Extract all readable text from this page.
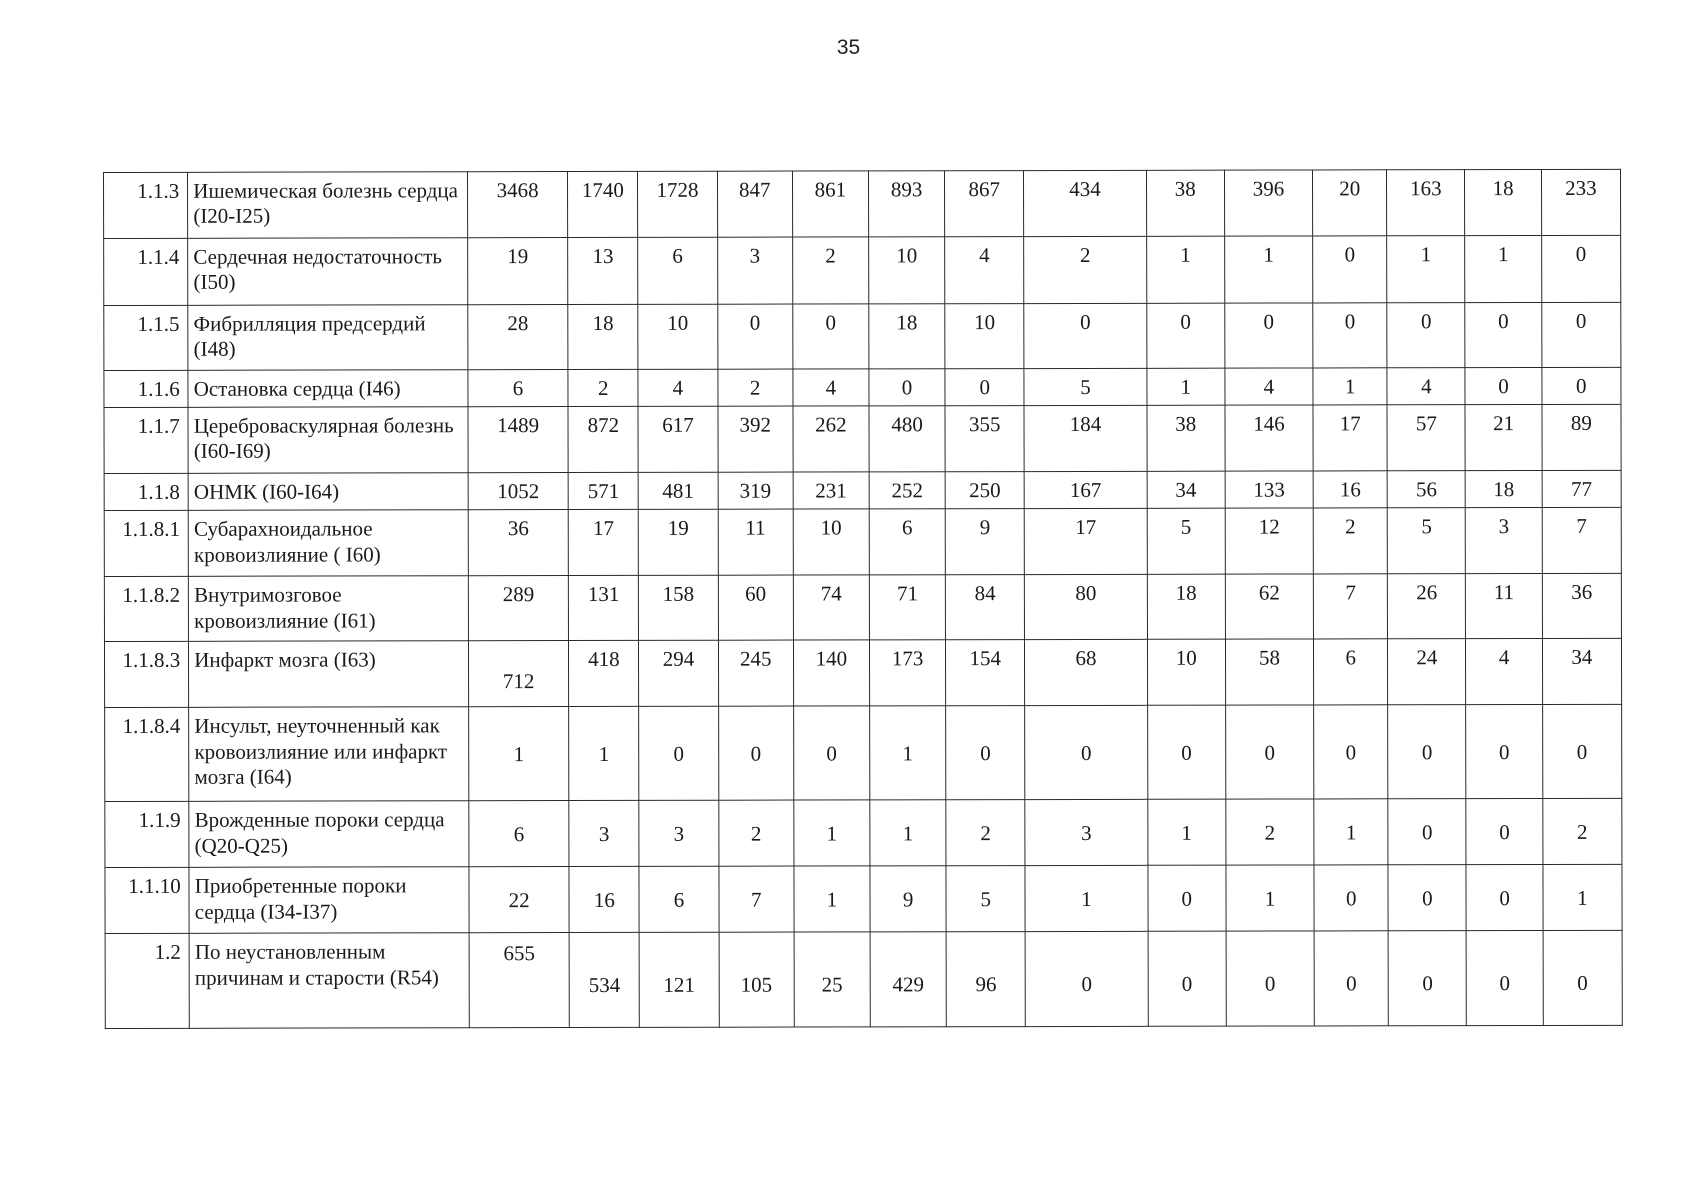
35
1.1.3	Ишемическая болезнь сердца (I20-I25)	3468	1740	1728	847	861	893	867	434	38	396	20	163	18	233
1.1.4	Сердечная недостаточность (I50)	19	13	6	3	2	10	4	2	1	1	0	1	1	0
1.1.5	Фибрилляция предсердий (I48)	28	18	10	0	0	18	10	0	0	0	0	0	0	0
1.1.6	Остановка сердца (I46)	6	2	4	2	4	0	0	5	1	4	1	4	0	0
1.1.7	Цереброваскулярная болезнь (I60-I69)	1489	872	617	392	262	480	355	184	38	146	17	57	21	89
1.1.8	ОНМК (I60-I64)	1052	571	481	319	231	252	250	167	34	133	16	56	18	77
1.1.8.1	Субарахноидальное кровоизлияние ( I60)	36	17	19	11	10	6	9	17	5	12	2	5	3	7
1.1.8.2	Внутримозговое кровоизлияние (I61)	289	131	158	60	74	71	84	80	18	62	7	26	11	36
1.1.8.3	Инфаркт мозга (I63)	712	418	294	245	140	173	154	68	10	58	6	24	4	34
1.1.8.4	Инсульт, неуточненный как кровоизлияние или инфаркт мозга (I64)	1	1	0	0	0	1	0	0	0	0	0	0	0	0
1.1.9	Врожденные пороки сердца (Q20-Q25)	6	3	3	2	1	1	2	3	1	2	1	0	0	2
1.1.10	Приобретенные пороки сердца (I34-I37)	22	16	6	7	1	9	5	1	0	1	0	0	0	1
1.2	По неустановленным причинам и старости (R54)	655	534	121	105	25	429	96	0	0	0	0	0	0	0
